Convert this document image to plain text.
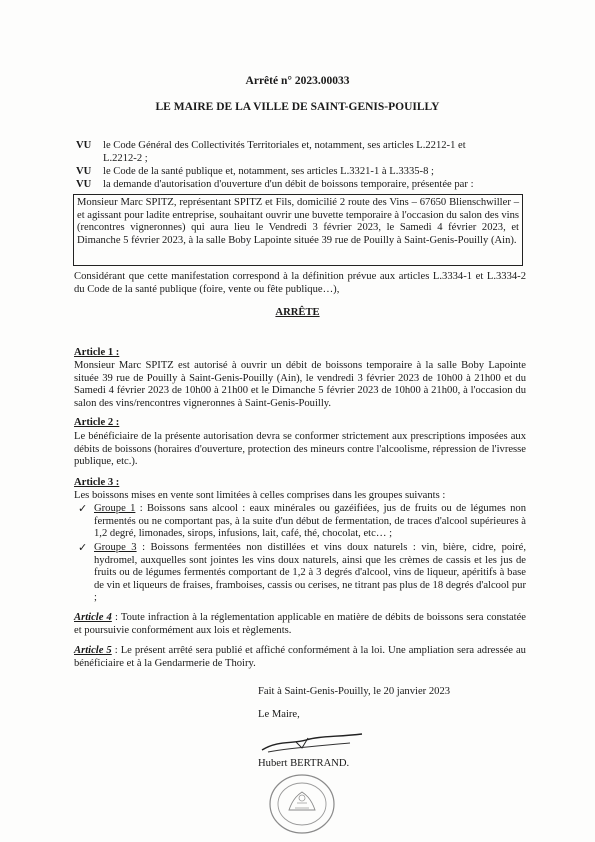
Arrêté n° 2023.00033
LE MAIRE DE LA VILLE DE SAINT-GENIS-POUILLY
VU le Code Général des Collectivités Territoriales et, notamment, ses articles L.2212-1 et
L.2212-2 ;
VU le Code de la santé publique et, notamment, ses articles L.3321-1 à L.3335-8 ;
VU la demande d'autorisation d'ouverture d'un débit de boissons temporaire, présentée par :
Monsieur Marc SPITZ, représentant SPITZ et Fils, domicilié 2 route des Vins – 67650 Blienschwiller – et agissant pour ladite entreprise, souhaitant ouvrir une buvette temporaire à l'occasion du salon des vins (rencontres vigneronnes) qui aura lieu le Vendredi 3 février 2023, le Samedi 4 février 2023, et Dimanche 5 février 2023, à la salle Boby Lapointe située 39 rue de Pouilly à Saint-Genis-Pouilly (Ain).
Considérant que cette manifestation correspond à la définition prévue aux articles L.3334-1 et L.3334-2 du Code de la santé publique (foire, vente ou fête publique…),
ARRÊTE
Article 1 :
Monsieur Marc SPITZ est autorisé à ouvrir un débit de boissons temporaire à la salle Boby Lapointe située 39 rue de Pouilly à Saint-Genis-Pouilly (Ain), le vendredi 3 février 2023 de 10h00 à 21h00 et du Samedi 4 février 2023 de 10h00 à 21h00 et le Dimanche 5 février 2023 de 10h00 à 21h00, à l'occasion du salon des vins/rencontres vigneronnes à Saint-Genis-Pouilly.
Article 2 :
Le bénéficiaire de la présente autorisation devra se conformer strictement aux prescriptions imposées aux débits de boissons (horaires d'ouverture, protection des mineurs contre l'alcoolisme, répression de l'ivresse publique, etc.).
Article 3 :
Les boissons mises en vente sont limitées à celles comprises dans les groupes suivants :
✓ Groupe 1 : Boissons sans alcool : eaux minérales ou gazéifiées, jus de fruits ou de légumes non fermentés ou ne comportant pas, à la suite d'un début de fermentation, de traces d'alcool supérieures à 1,2 degré, limonades, sirops, infusions, lait, café, thé, chocolat, etc… ;
✓ Groupe 3 : Boissons fermentées non distillées et vins doux naturels : vin, bière, cidre, poiré, hydromel, auxquelles sont jointes les vins doux naturels, ainsi que les crèmes de cassis et les jus de fruits ou de légumes fermentés comportant de 1,2 à 3 degrés d'alcool, vins de liqueur, apéritifs à base de vin et liqueurs de fraises, framboises, cassis ou cerises, ne titrant pas plus de 18 degrés d'alcool pur ;
Article 4 : Toute infraction à la réglementation applicable en matière de débits de boissons sera constatée et poursuivie conformément aux lois et règlements.
Article 5 : Le présent arrêté sera publié et affiché conformément à la loi. Une ampliation sera adressée au bénéficiaire et à la Gendarmerie de Thoiry.
Fait à Saint-Genis-Pouilly, le 20 janvier 2023
Le Maire,
Hubert BERTRAND.
